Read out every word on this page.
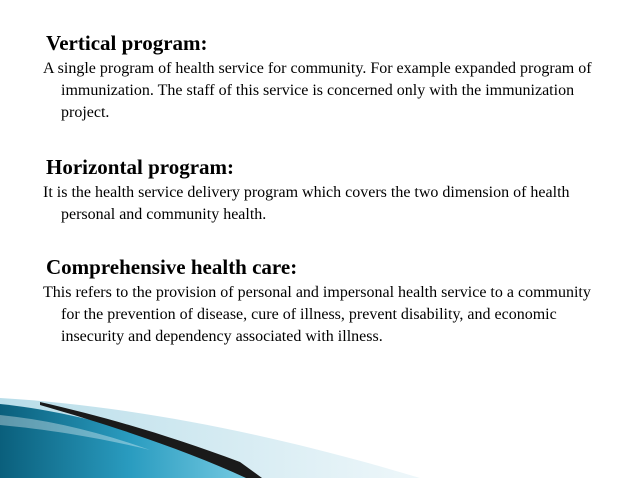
Vertical program:

A single program of health service for community. For example expanded program of immunization. The staff of this service is concerned only with the immunization project.

Horizontal program:

It is the health service delivery program which covers the two dimension of health personal and community health.

Comprehensive health care:

This refers to the provision of personal and impersonal health service to a community for the prevention of disease, cure of illness, prevent disability, and economic insecurity and dependency associated with illness.
